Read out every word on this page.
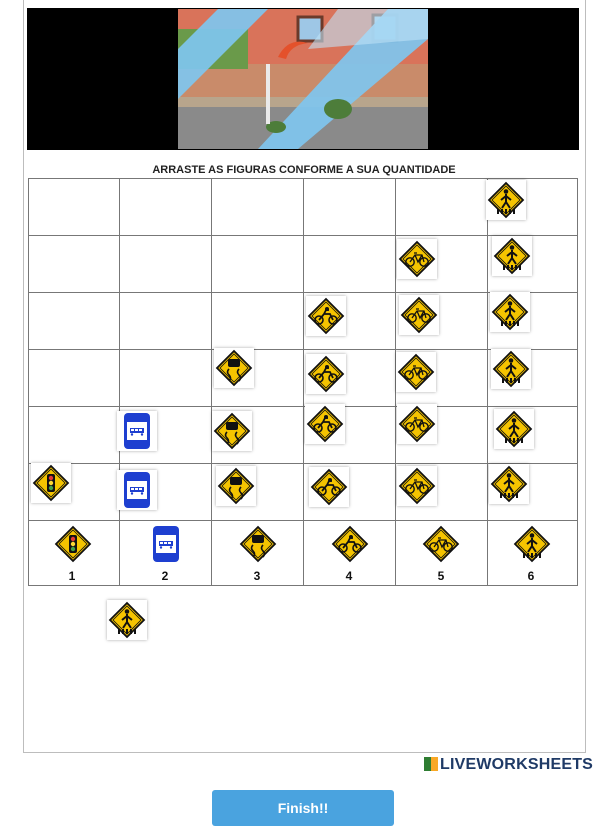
ARRASTE AS FIGURAS CONFORME A SUA QUANTIDADE
1	2	3	4	5	6
LIVEWORKSHEETS
Finish!!
